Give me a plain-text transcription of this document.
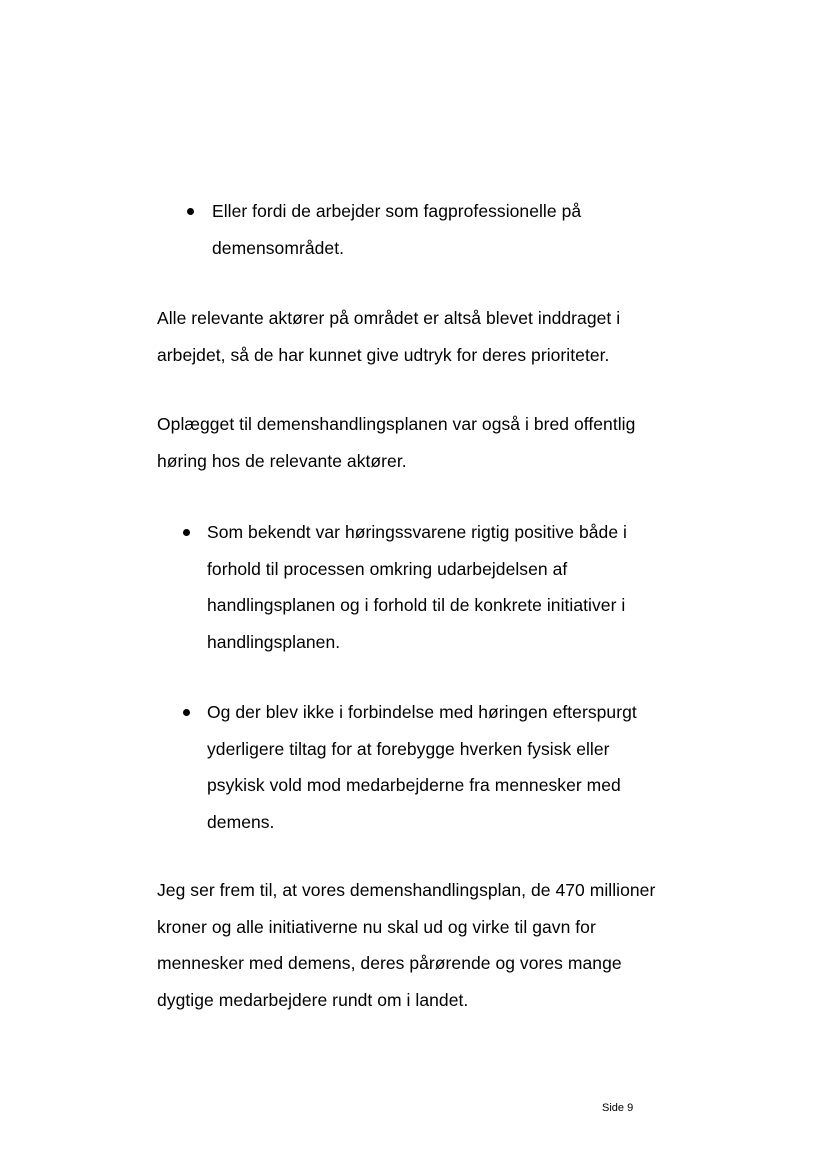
Eller fordi de arbejder som fagprofessionelle på
demensområdet.
Alle relevante aktører på området er altså blevet inddraget i
arbejdet, så de har kunnet give udtryk for deres prioriteter.
Oplægget til demenshandlingsplanen var også i bred offentlig
høring hos de relevante aktører.
Som bekendt var høringssvarene rigtig positive både i
forhold til processen omkring udarbejdelsen af
handlingsplanen og i forhold til de konkrete initiativer i
handlingsplanen.
Og der blev ikke i forbindelse med høringen efterspurgt
yderligere tiltag for at forebygge hverken fysisk eller
psykisk vold mod medarbejderne fra mennesker med
demens.
Jeg ser frem til, at vores demenshandlingsplan, de 470 millioner
kroner og alle initiativerne nu skal ud og virke til gavn for
mennesker med demens, deres pårørende og vores mange
dygtige medarbejdere rundt om i landet.
Side 9
